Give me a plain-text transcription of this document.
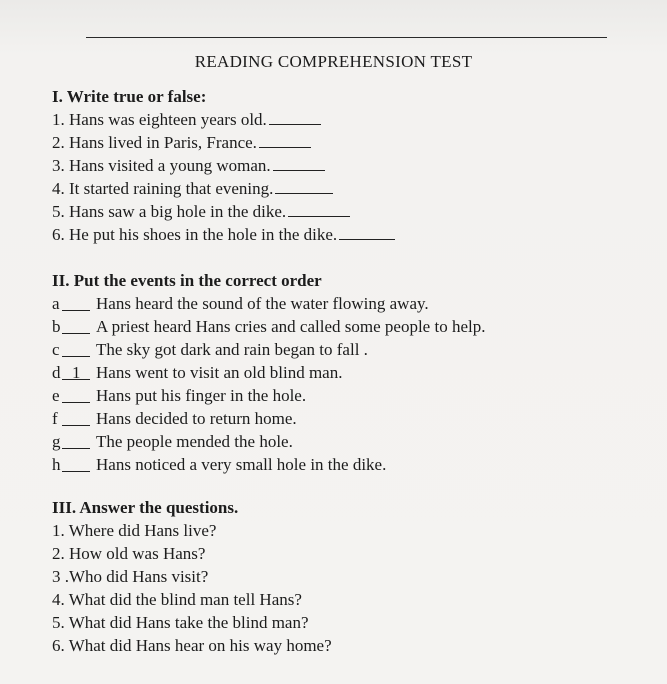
READING COMPREHENSION TEST
I. Write true or false:
1. Hans was eighteen years old.
2. Hans lived in Paris, France.
3. Hans visited a young woman.
4. It started raining that evening.
5. Hans saw a big hole in the dike.
6. He put his shoes in the hole in the dike.
II. Put the events in the correct order
a Hans heard the sound of the water flowing away.
b A priest heard Hans cries and called some people to help.
c The sky got dark and rain began to fall .
d 1 Hans went to visit an old blind man.
e Hans put his finger in the hole.
f Hans decided to return home.
g The people mended the hole.
h Hans noticed a very small hole in the dike.
III. Answer the questions.
1. Where did Hans live?
2. How old was Hans?
3 .Who did Hans visit?
4. What did the blind man tell Hans?
5. What did Hans take the blind man?
6. What did Hans hear on his way home?
